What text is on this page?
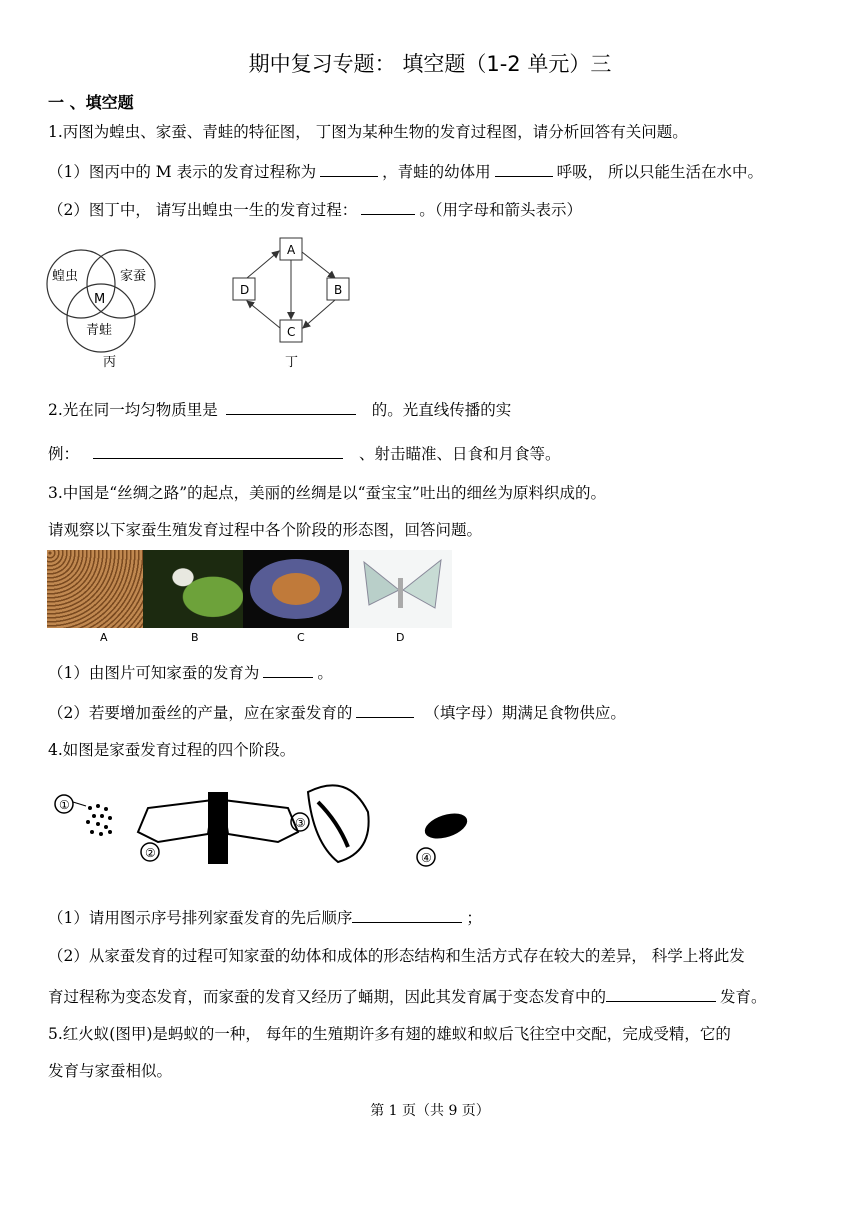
期中复习专题： 填空题（1-2 单元）三
一 、填空题
1.丙图为蝗虫、家蚕、青蛙的特征图， 丁图为某种生物的发育过程图，请分析回答有关问题。
（1）图丙中的 M 表示的发育过程称为	，青蛙的幼体用	呼吸， 所以只能生活在水中。
（2）图丁中， 请写出蝗虫一生的发育过程：	。（用字母和箭头表示）
蝗虫	家蚕
M
青蛙
丙
A
B
C
D
丁
2.光在同一均匀物质里是	的。光直线传播的实
例：	、射击瞄准、日食和月食等。
3.中国是“丝绸之路”的起点，美丽的丝绸是以“蚕宝宝”吐出的细丝为原料织成的。
请观察以下家蚕生殖发育过程中各个阶段的形态图，回答问题。
A	B	C	D
（1）由图片可知家蚕的发育为	。
（2）若要增加蚕丝的产量，应在家蚕发育的	（填字母）期满足食物供应。
4.如图是家蚕发育过程的四个阶段。
①
②
③
④
（1）请用图示序号排列家蚕发育的先后顺序	；
（2）从家蚕发育的过程可知家蚕的幼体和成体的形态结构和生活方式存在较大的差异， 科学上将此发
育过程称为变态发育，而家蚕的发育又经历了蛹期，因此其发育属于变态发育中的	发育。
5.红火蚁(图甲)是蚂蚁的一种， 每年的生殖期许多有翅的雄蚁和蚁后飞往空中交配，完成受精，它的
发育与家蚕相似。
第 1 页（共 9 页）
